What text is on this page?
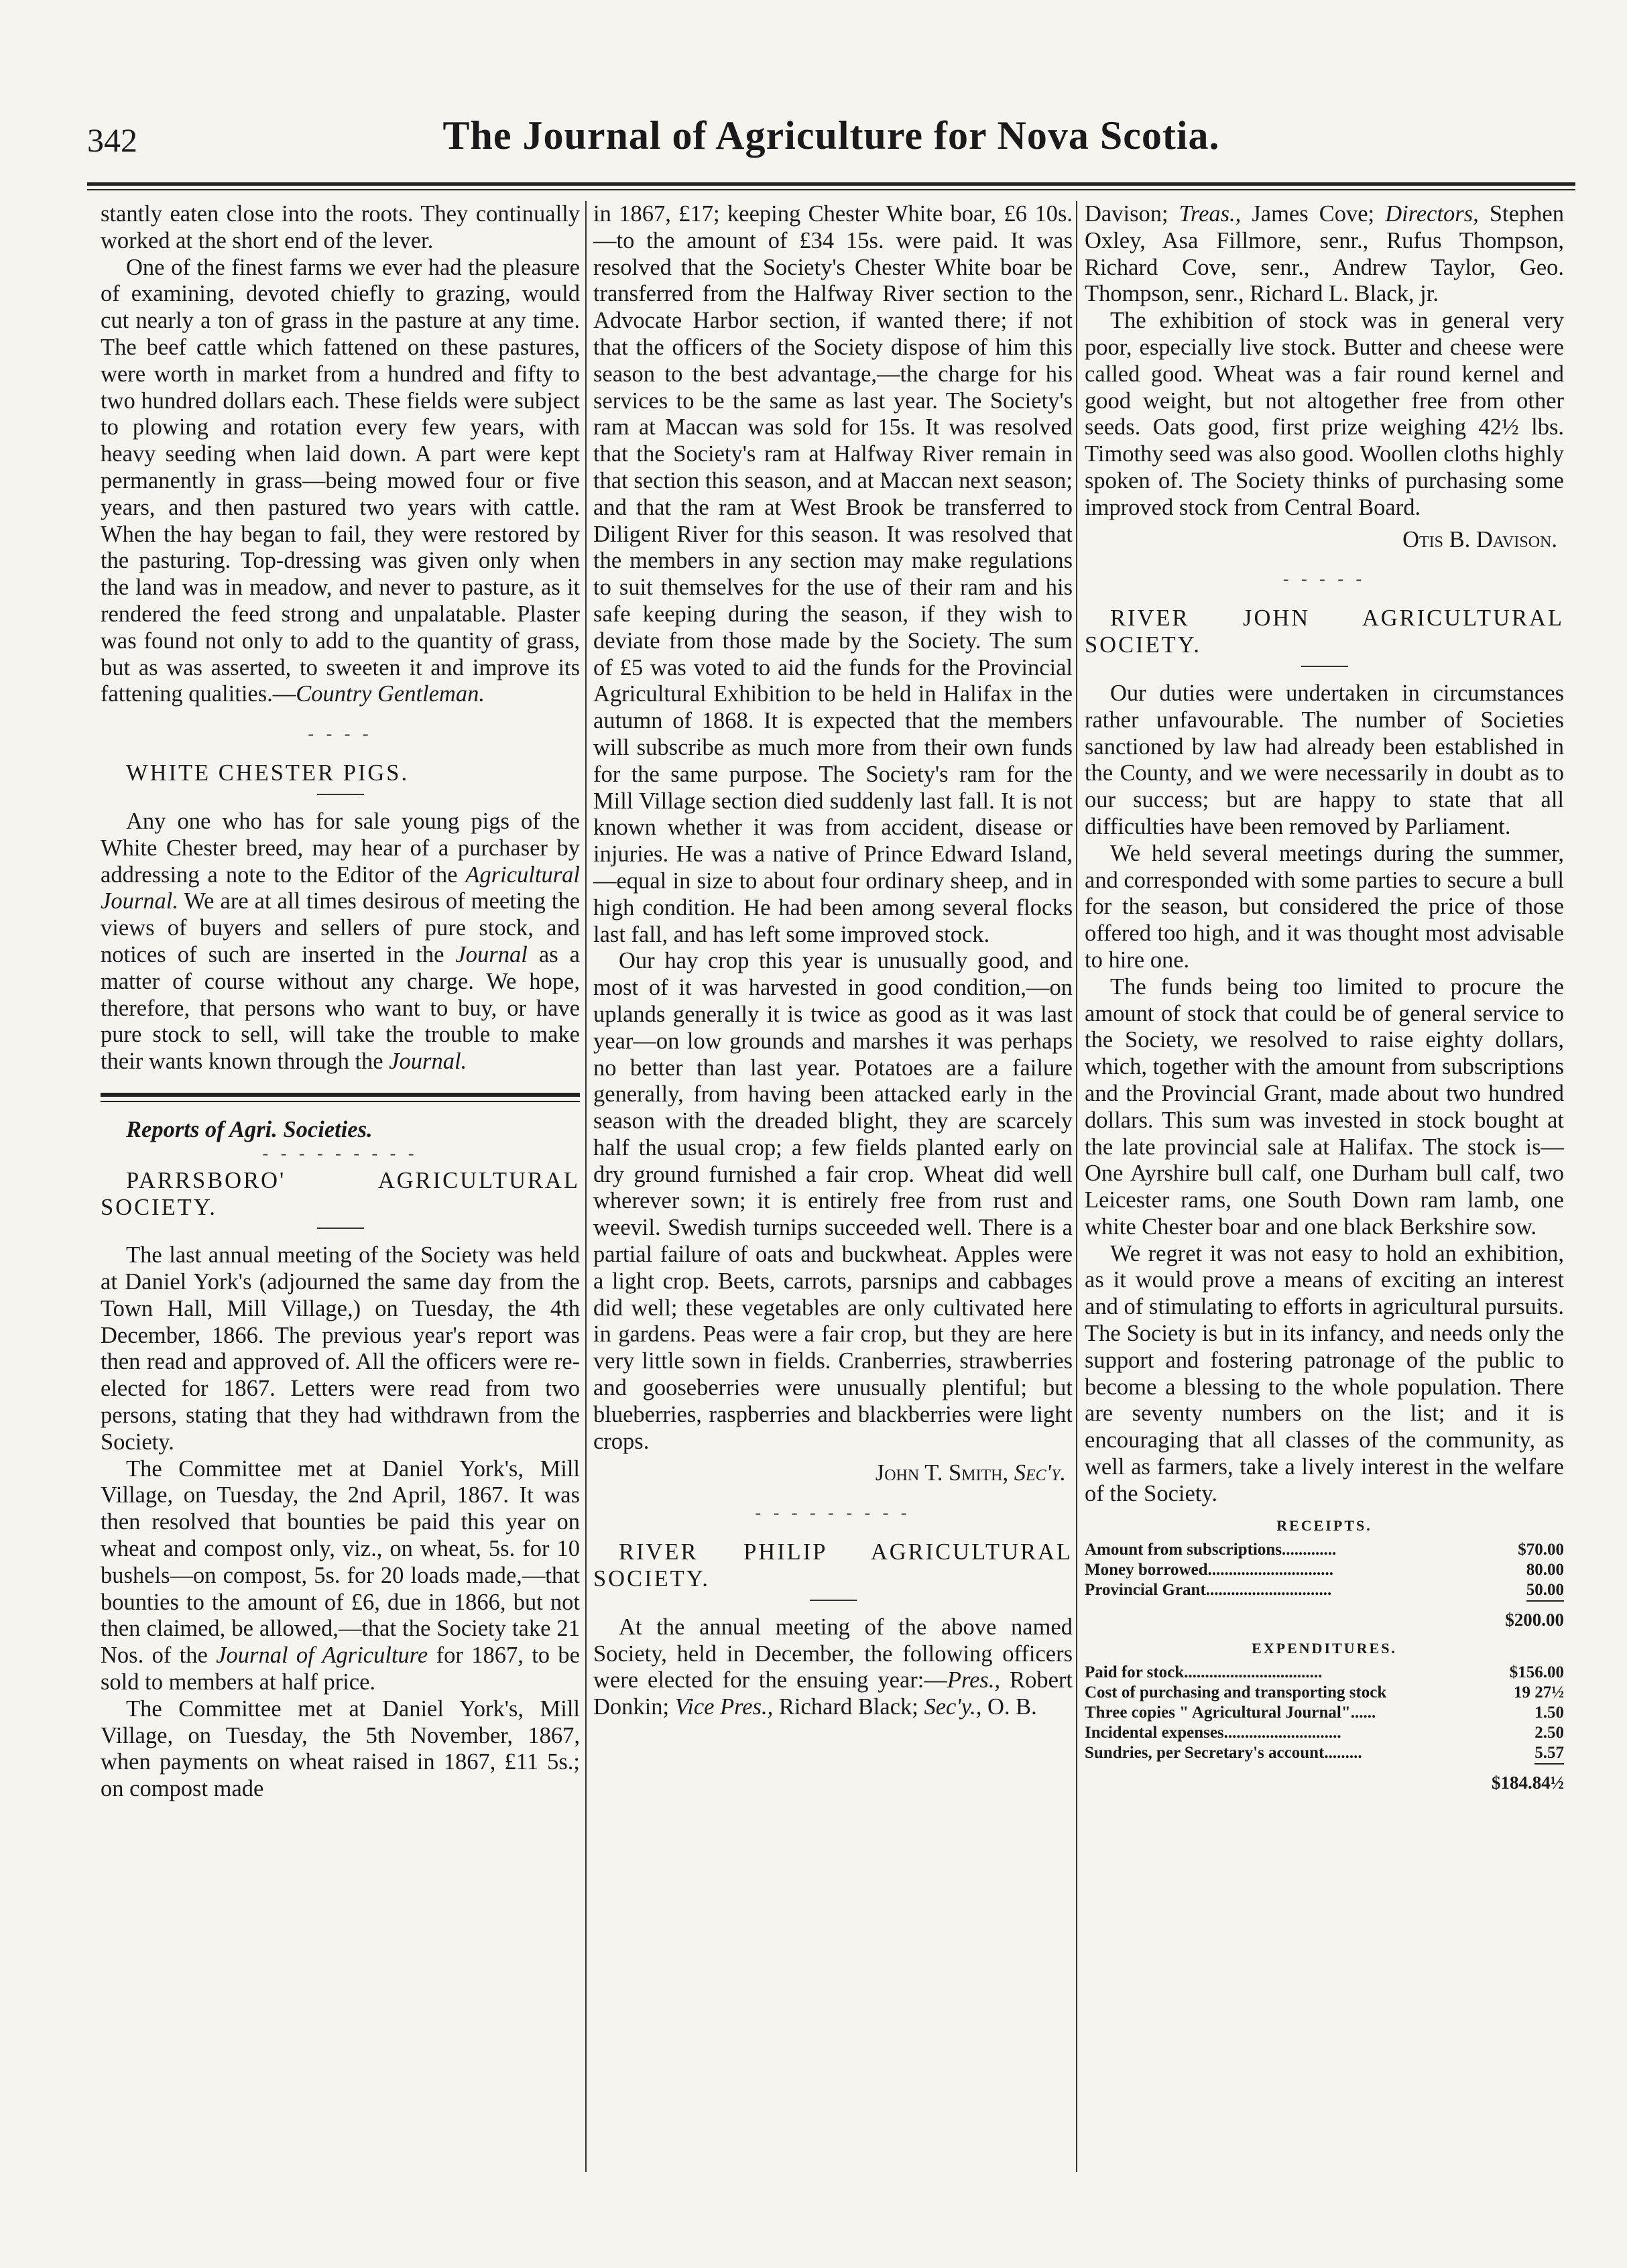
342	The Journal of Agriculture for Nova Scotia.

stantly eaten close into the roots. They continually worked at the short end of the lever.

One of the finest farms we ever had the pleasure of examining, devoted chiefly to grazing, would cut nearly a ton of grass in the pasture at any time. The beef cattle which fattened on these pastures, were worth in market from a hundred and fifty to two hundred dollars each. These fields were subject to plowing and rotation every few years, with heavy seeding when laid down. A part were kept permanently in grass—being mowed four or five years, and then pastured two years with cattle. When the hay began to fail, they were restored by the pasturing. Top-dressing was given only when the land was in meadow, and never to pasture, as it rendered the feed strong and unpalatable. Plaster was found not only to add to the quantity of grass, but as was asserted, to sweeten it and improve its fattening qualities.—Country Gentleman.

- - - -

WHITE CHESTER PIGS.

Any one who has for sale young pigs of the White Chester breed, may hear of a purchaser by addressing a note to the Editor of the Agricultural Journal. We are at all times desirous of meeting the views of buyers and sellers of pure stock, and notices of such are inserted in the Journal as a matter of course without any charge. We hope, therefore, that persons who want to buy, or have pure stock to sell, will take the trouble to make their wants known through the Journal.

Reports of Agri. Societies.

- - - - - - - - -

PARRSBORO' AGRICULTURAL SOCIETY.

The last annual meeting of the Society was held at Daniel York's (adjourned the same day from the Town Hall, Mill Village,) on Tuesday, the 4th December, 1866. The previous year's report was then read and approved of. All the officers were re-elected for 1867. Letters were read from two persons, stating that they had withdrawn from the Society.

The Committee met at Daniel York's, Mill Village, on Tuesday, the 2nd April, 1867. It was then resolved that bounties be paid this year on wheat and compost only, viz., on wheat, 5s. for 10 bushels—on compost, 5s. for 20 loads made,—that bounties to the amount of £6, due in 1866, but not then claimed, be allowed,—that the Society take 21 Nos. of the Journal of Agriculture for 1867, to be sold to members at half price.

The Committee met at Daniel York's, Mill Village, on Tuesday, the 5th November, 1867, when payments on wheat raised in 1867, £11 5s.; on compost made

in 1867, £17; keeping Chester White boar, £6 10s.—to the amount of £34 15s. were paid. It was resolved that the Society's Chester White boar be transferred from the Halfway River section to the Advocate Harbor section, if wanted there; if not that the officers of the Society dispose of him this season to the best advantage,—the charge for his services to be the same as last year. The Society's ram at Maccan was sold for 15s. It was resolved that the Society's ram at Halfway River remain in that section this season, and at Maccan next season; and that the ram at West Brook be transferred to Diligent River for this season. It was resolved that the members in any section may make regulations to suit themselves for the use of their ram and his safe keeping during the season, if they wish to deviate from those made by the Society. The sum of £5 was voted to aid the funds for the Provincial Agricultural Exhibition to be held in Halifax in the autumn of 1868. It is expected that the members will subscribe as much more from their own funds for the same purpose. The Society's ram for the Mill Village section died suddenly last fall. It is not known whether it was from accident, disease or injuries. He was a native of Prince Edward Island,—equal in size to about four ordinary sheep, and in high condition. He had been among several flocks last fall, and has left some improved stock.

Our hay crop this year is unusually good, and most of it was harvested in good condition,—on uplands generally it is twice as good as it was last year—on low grounds and marshes it was perhaps no better than last year. Potatoes are a failure generally, from having been attacked early in the season with the dreaded blight, they are scarcely half the usual crop; a few fields planted early on dry ground furnished a fair crop. Wheat did well wherever sown; it is entirely free from rust and weevil. Swedish turnips succeeded well. There is a partial failure of oats and buckwheat. Apples were a light crop. Beets, carrots, parsnips and cabbages did well; these vegetables are only cultivated here in gardens. Peas were a fair crop, but they are here very little sown in fields. Cranberries, strawberries and gooseberries were unusually plentiful; but blueberries, raspberries and blackberries were light crops.

John T. Smith, Sec'y.

- - - - - - - - -

RIVER PHILIP AGRICULTURAL SOCIETY.

At the annual meeting of the above named Society, held in December, the following officers were elected for the ensuing year:—Pres., Robert Donkin; Vice Pres., Richard Black; Sec'y., O. B.

Davison; Treas., James Cove; Directors, Stephen Oxley, Asa Fillmore, senr., Rufus Thompson, Richard Cove, senr., Andrew Taylor, Geo. Thompson, senr., Richard L. Black, jr.

The exhibition of stock was in general very poor, especially live stock. Butter and cheese were called good. Wheat was a fair round kernel and good weight, but not altogether free from other seeds. Oats good, first prize weighing 42½ lbs. Timothy seed was also good. Woollen cloths highly spoken of. The Society thinks of purchasing some improved stock from Central Board.

Otis B. Davison.

- - - - -

RIVER JOHN AGRICULTURAL SOCIETY.

Our duties were undertaken in circumstances rather unfavourable. The number of Societies sanctioned by law had already been established in the County, and we were necessarily in doubt as to our success; but are happy to state that all difficulties have been removed by Parliament.

We held several meetings during the summer, and corresponded with some parties to secure a bull for the season, but considered the price of those offered too high, and it was thought most advisable to hire one.

The funds being too limited to procure the amount of stock that could be of general service to the Society, we resolved to raise eighty dollars, which, together with the amount from subscriptions and the Provincial Grant, made about two hundred dollars. This sum was invested in stock bought at the late provincial sale at Halifax. The stock is—One Ayrshire bull calf, one Durham bull calf, two Leicester rams, one South Down ram lamb, one white Chester boar and one black Berkshire sow.

We regret it was not easy to hold an exhibition, as it would prove a means of exciting an interest and of stimulating to efforts in agricultural pursuits. The Society is but in its infancy, and needs only the support and fostering patronage of the public to become a blessing to the whole population. There are seventy numbers on the list; and it is encouraging that all classes of the community, as well as farmers, take a lively interest in the welfare of the Society.

RECEIPTS.
Amount from subscriptions.............	$70.00
Money borrowed..............................	80.00
Provincial Grant..............................	50.00
$200.00
EXPENDITURES.
Paid for stock.................................	$156.00
Cost of purchasing and transporting stock	19 27½
Three copies " Agricultural Journal"......	1.50
Incidental expenses............................	2.50
Sundries, per Secretary's account.........	5.57
$184.84½
